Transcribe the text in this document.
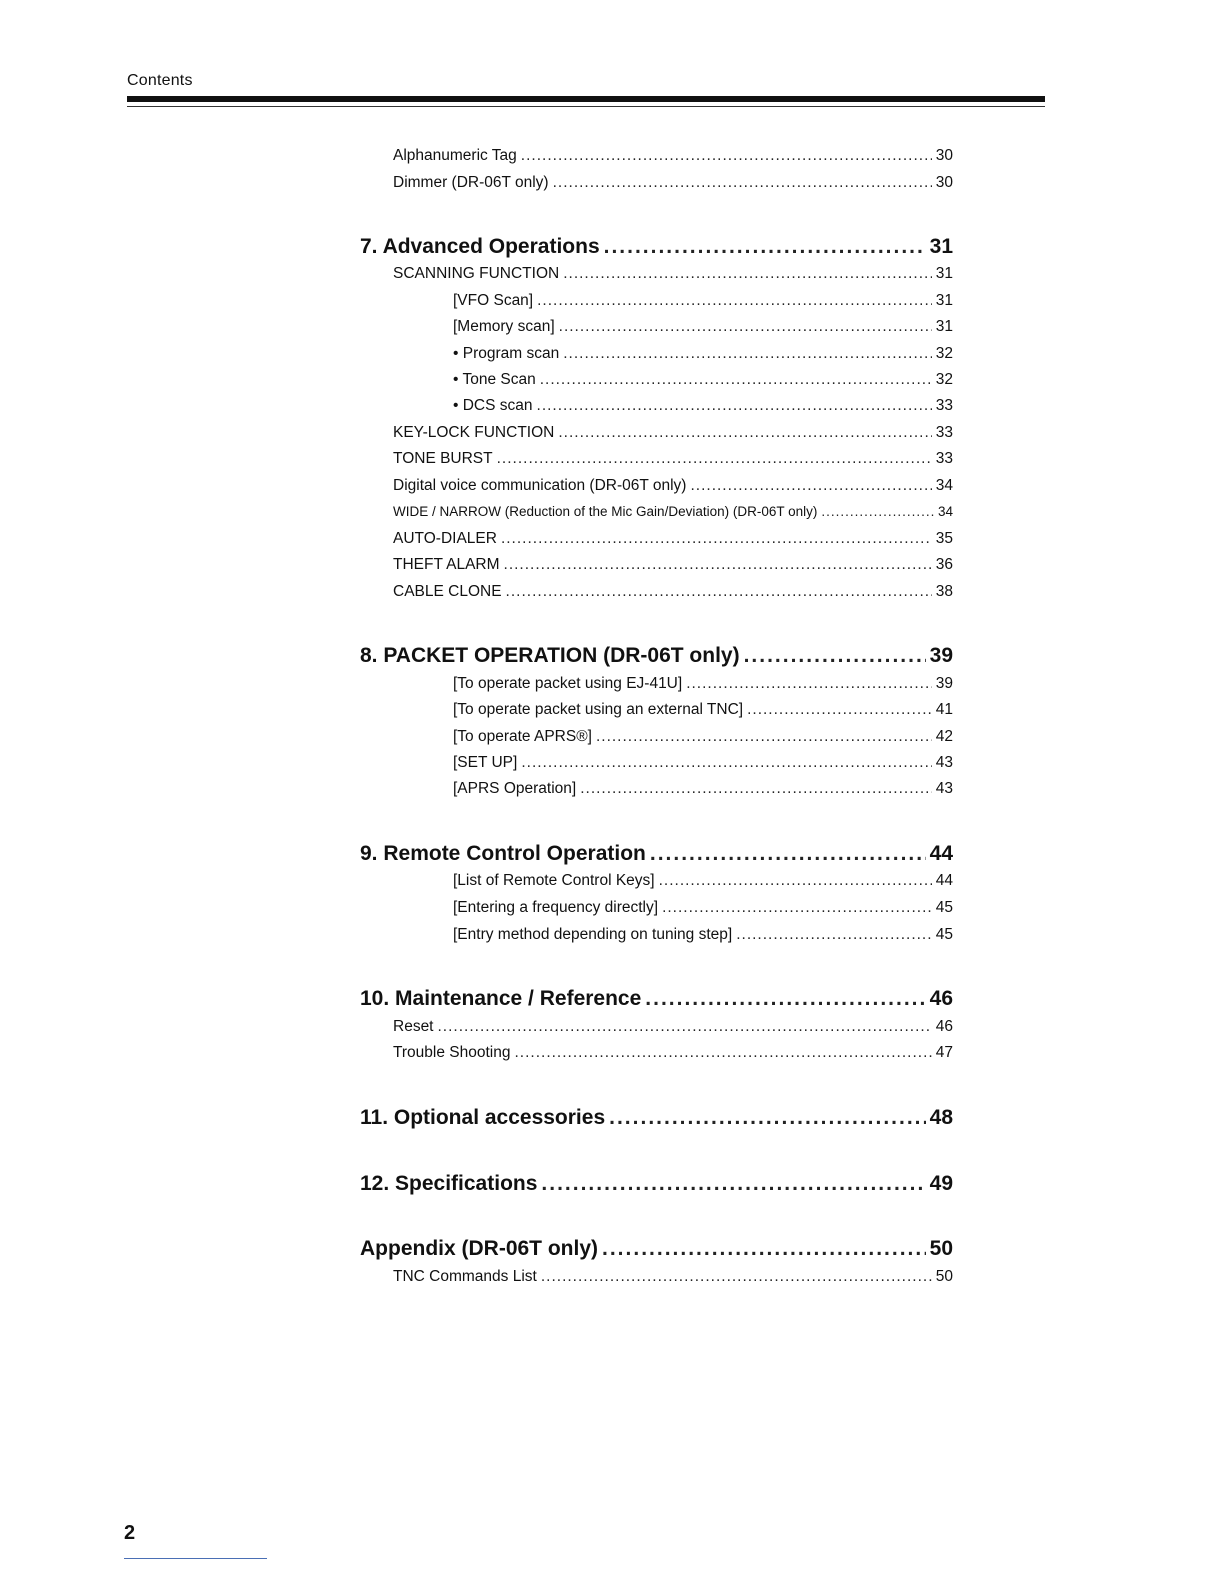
Contents
Alphanumeric Tag .....	30
Dimmer (DR-06T only) .....	30
7. Advanced Operations .....	31
SCANNING FUNCTION .....	31
[VFO Scan] .....	31
[Memory scan] .....	31
• Program scan .....	32
• Tone Scan .....	32
• DCS scan .....	33
KEY-LOCK FUNCTION .....	33
TONE BURST .....	33
Digital voice communication (DR-06T only) .....	34
WIDE / NARROW (Reduction of the Mic Gain/Deviation) (DR-06T only) .....	34
AUTO-DIALER .....	35
THEFT ALARM .....	36
CABLE CLONE .....	38
8. PACKET OPERATION (DR-06T only) .....	39
[To operate packet using EJ-41U] .....	39
[To operate packet using an external TNC] .....	41
[To operate APRS®] .....	42
[SET UP] .....	43
[APRS Operation] .....	43
9. Remote Control Operation .....	44
[List of Remote Control Keys] .....	44
[Entering a frequency directly] .....	45
[Entry method depending on tuning step] .....	45
10. Maintenance / Reference .....	46
Reset .....	46
Trouble Shooting .....	47
11. Optional accessories .....	48
12. Specifications .....	49
Appendix (DR-06T only) .....	50
TNC Commands List .....	50
2
